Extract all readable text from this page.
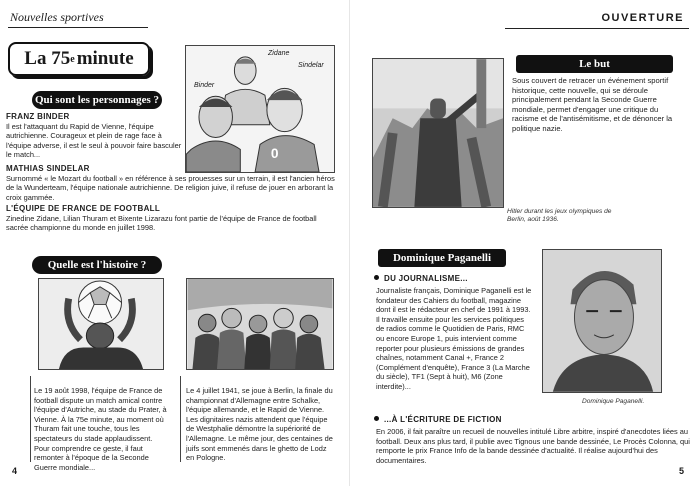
Nouvelles sportives
La 75 e minute
Qui sont les personnages ?
0
Zidane
Sindelar
Binder
FRANZ BINDER
Il est l'attaquant du Rapid de Vienne, l'équipe autrichienne. Courageux et plein de rage face à l'équipe adverse, il est le seul à pouvoir faire basculer le match...
MATHIAS SINDELAR
Surnommé « le Mozart du football » en référence à ses prouesses sur un terrain, il est l'ancien héros de la Wunderteam, l'équipe nationale autrichienne. De religion juive, il refuse de jouer en arborant la croix gammée.
L'ÉQUIPE DE FRANCE DE FOOTBALL
Zinedine Zidane, Lilian Thuram et Bixente Lizarazu font partie de l'équipe de France de football sacrée championne du monde en juillet 1998.
Quelle est l'histoire ?
Le 19 août 1998, l'équipe de France de football dispute un match amical contre l'équipe d'Autriche, au stade du Prater, à Vienne. À la 75e minute, au moment où Thuram fait une touche, tous les spectateurs du stade applaudissent. Pour comprendre ce geste, il faut remonter à l'époque de la Seconde Guerre mondiale...
Le 4 juillet 1941, se joue à Berlin, la finale du championnat d'Allemagne entre Schalke, l'équipe allemande, et le Rapid de Vienne. Les dignitaires nazis attendent que l'équipe de Westphalie démontre la supériorité de l'Allemagne. Le même jour, des centaines de juifs sont emmenés dans le ghetto de Lodz en Pologne.
4
OUVERTURE
Hitler durant les jeux olympiques de Berlin, août 1936.
Le but
Sous couvert de retracer un événement sportif historique, cette nouvelle, qui se déroule principalement pendant la Seconde Guerre mondiale, permet d'engager une critique du racisme et de l'antisémitisme, et de dénoncer la politique nazie.
Dominique Paganelli
DU JOURNALISME...
Journaliste français, Dominique Paganelli est le fondateur des Cahiers du football, magazine dont il est le rédacteur en chef de 1991 à 1993. Il travaille ensuite pour les services politiques de radios comme le Quotidien de Paris, RMC ou encore Europe 1, puis intervient comme reporter pour plusieurs émissions de grandes chaînes, notamment Canal +, France 2 (Complément d'enquête), France 3 (La Marche du siècle), TF1 (Sept à huit), M6 (Zone interdite)...
Dominique Paganelli.
...À L'ÉCRITURE DE FICTION
En 2006, il fait paraître un recueil de nouvelles intitulé Libre arbitre, inspiré d'anecdotes liées au football. Deux ans plus tard, il publie avec Tignous une bande dessinée, Le Procès Colonna, qui remporte le prix France Info de la bande dessinée d'actualité. Il réalise aujourd'hui des documentaires.
5
